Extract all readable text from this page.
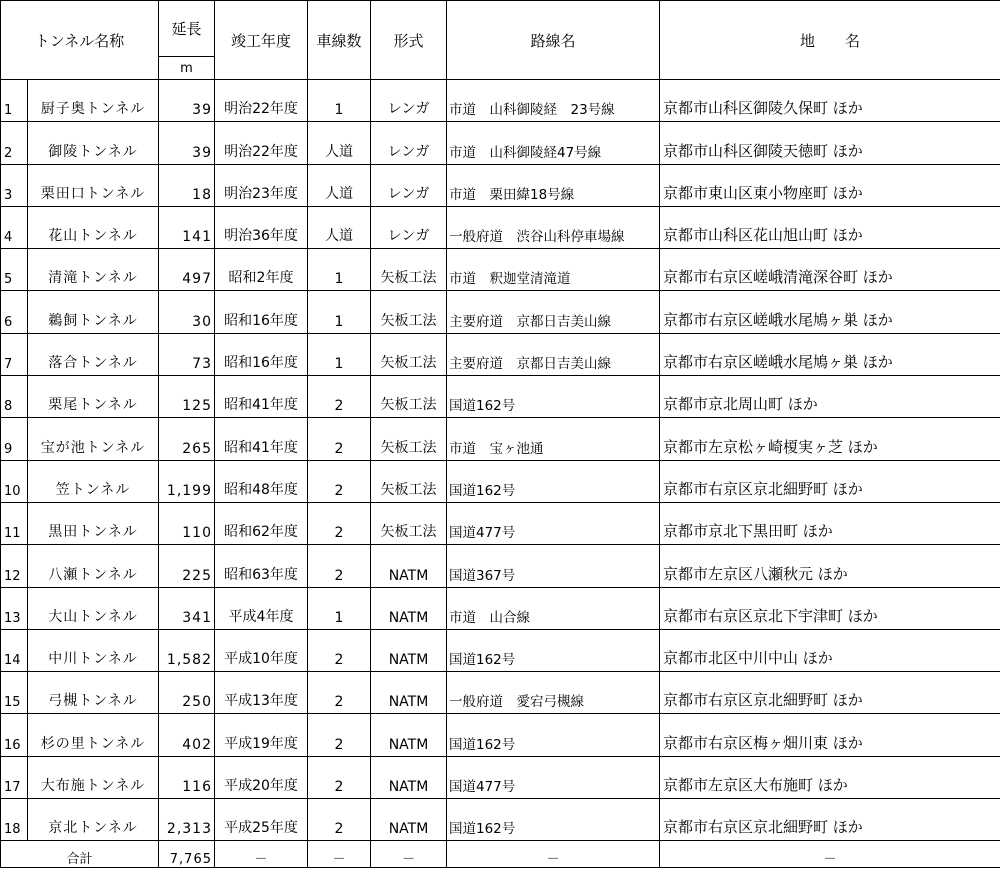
トンネル名称		延長	竣工年度	車線数	形式	路線名	地　　名
		m					
1	厨子奥トンネル	39	明治22年度	1	レンガ	市道　山科御陵経　23号線	京都市山科区御陵久保町 ほか
2	御陵トンネル	39	明治22年度	人道	レンガ	市道　山科御陵経47号線	京都市山科区御陵天徳町 ほか
3	栗田口トンネル	18	明治23年度	人道	レンガ	市道　栗田緯18号線	京都市東山区東小物座町 ほか
4	花山トンネル	141	明治36年度	人道	レンガ	一般府道　渋谷山科停車場線	京都市山科区花山旭山町 ほか
5	清滝トンネル	497	昭和2年度	1	矢板工法	市道　釈迦堂清滝道	京都市右京区嵯峨清滝深谷町 ほか
6	鵜飼トンネル	30	昭和16年度	1	矢板工法	主要府道　京都日吉美山線	京都市右京区嵯峨水尾鳩ヶ巣 ほか
7	落合トンネル	73	昭和16年度	1	矢板工法	主要府道　京都日吉美山線	京都市右京区嵯峨水尾鳩ヶ巣 ほか
8	栗尾トンネル	125	昭和41年度	2	矢板工法	国道162号	京都市京北周山町 ほか
9	宝が池トンネル	265	昭和41年度	2	矢板工法	市道　宝ヶ池通	京都市左京松ヶ崎榎実ヶ芝 ほか
10	笠トンネル	1,199	昭和48年度	2	矢板工法	国道162号	京都市右京区京北細野町 ほか
11	黒田トンネル	110	昭和62年度	2	矢板工法	国道477号	京都市京北下黒田町 ほか
12	八瀬トンネル	225	昭和63年度	2	NATM	国道367号	京都市左京区八瀬秋元 ほか
13	大山トンネル	341	平成4年度	1	NATM	市道　山合線	京都市右京区京北下宇津町 ほか
14	中川トンネル	1,582	平成10年度	2	NATM	国道162号	京都市北区中川中山 ほか
15	弓槻トンネル	250	平成13年度	2	NATM	一般府道　愛宕弓槻線	京都市右京区京北細野町 ほか
16	杉の里トンネル	402	平成19年度	2	NATM	国道162号	京都市右京区梅ヶ畑川東 ほか
17	大布施トンネル	116	平成20年度	2	NATM	国道477号	京都市左京区大布施町 ほか
18	京北トンネル	2,313	平成25年度	2	NATM	国道162号	京都市右京区京北細野町 ほか
合計		7,765	－	－	－	－	－
